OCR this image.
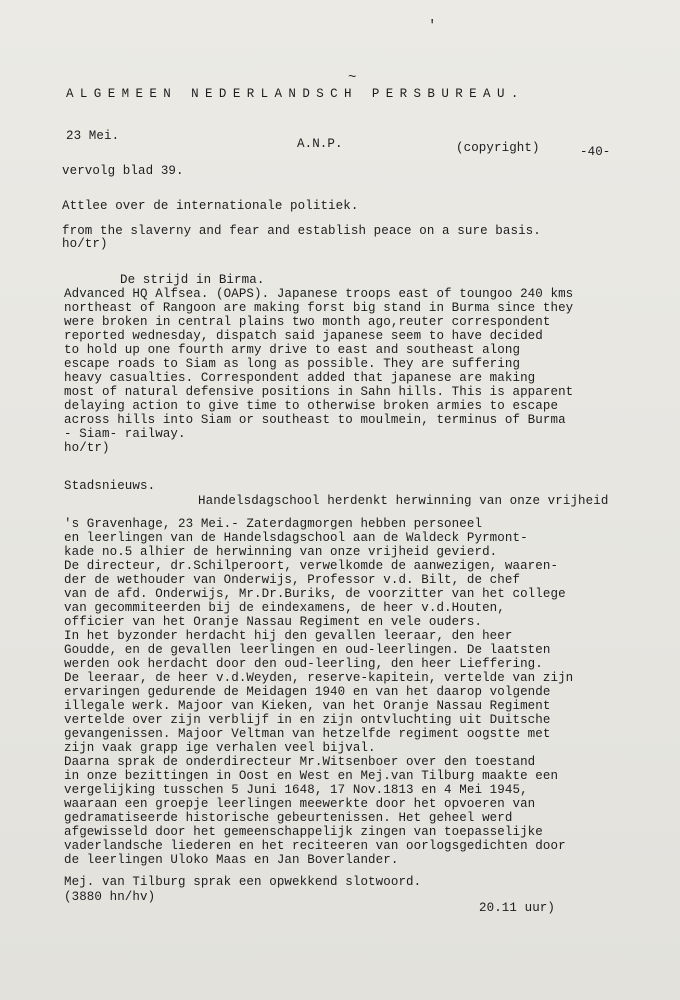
'
~
ALGEMEEN NEDERLANDSCH PERSBUREAU.
23 Mei.
A.N.P.	(copyright)	-40-
vervolg blad 39.
Attlee over de internationale politiek.
from the slaverny and fear and establish peace on a sure basis.
ho/tr)
De strijd in Birma.
Advanced HQ Alfsea. (OAPS). Japanese troops east of toungoo 240 kms
northeast of Rangoon are making forst big stand in Burma since they
were broken in central plains two month ago,reuter correspondent
reported wednesday, dispatch said japanese seem to have decided
to hold up one fourth army drive to east and southeast along
escape roads to Siam as long as possible. They are suffering
heavy casualties. Correspondent added that japanese are making
most of natural defensive positions in Sahn hills. This is apparent
delaying action to give time to otherwise broken armies to escape
across hills into Siam or southeast to moulmein, terminus of Burma
- Siam- railway.
ho/tr)
Stadsnieuws.
Handelsdagschool herdenkt herwinning van onze vrijheid
's Gravenhage, 23 Mei.- Zaterdagmorgen hebben personeel
en leerlingen van de Handelsdagschool aan de Waldeck Pyrmont-
kade no.5 alhier de herwinning van onze vrijheid gevierd.
De directeur, dr.Schilperoort, verwelkomde de aanwezigen, waaren-
der de wethouder van Onderwijs, Professor v.d. Bilt, de chef
van de afd. Onderwijs, Mr.Dr.Buriks, de voorzitter van het college
van gecommiteerden bij de eindexamens, de heer v.d.Houten,
officier van het Oranje Nassau Regiment en vele ouders.
In het byzonder herdacht hij den gevallen leeraar, den heer
Goudde, en de gevallen leerlingen en oud-leerlingen. De laatsten
werden ook herdacht door den oud-leerling, den heer Lieffering.
De leeraar, de heer v.d.Weyden, reserve-kapitein, vertelde van zijn
ervaringen gedurende de Meidagen 1940 en van het daarop volgende
illegale werk. Majoor van Kieken, van het Oranje Nassau Regiment
vertelde over zijn verblijf in en zijn ontvluchting uit Duitsche
gevangenissen. Majoor Veltman van hetzelfde regiment oogstte met
zijn vaak grapp ige verhalen veel bijval.
Daarna sprak de onderdirecteur Mr.Witsenboer over den toestand
in onze bezittingen in Oost en West en Mej.van Tilburg maakte een
vergelijking tusschen 5 Juni 1648, 17 Nov.1813 en 4 Mei 1945,
waaraan een groepje leerlingen meewerkte door het opvoeren van
gedramatiseerde historische gebeurtenissen. Het geheel werd
afgewisseld door het gemeenschappelijk zingen van toepasselijke
vaderlandsche liederen en het reciteeren van oorlogsgedichten door
de leerlingen Uloko Maas en Jan Boverlander.
Mej. van Tilburg sprak een opwekkend slotwoord.
(3880 hn/hv)
20.11 uur)
